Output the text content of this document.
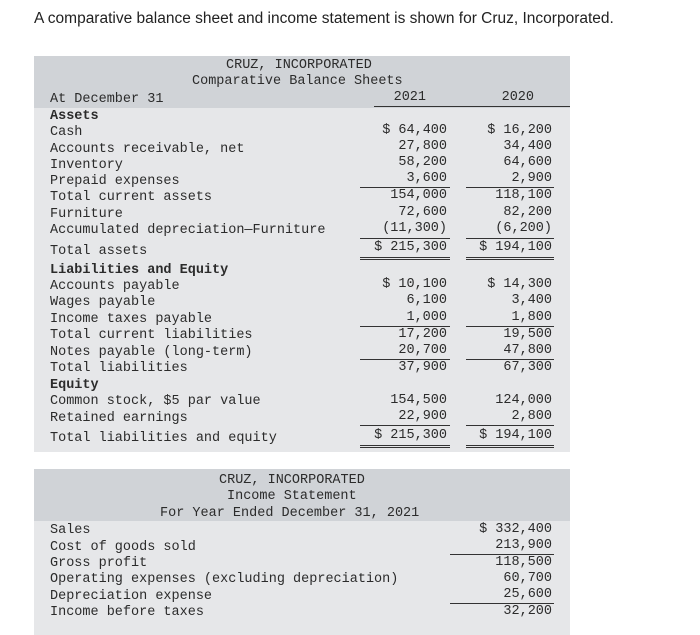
A comparative balance sheet and income statement is shown for Cruz, Incorporated.
CRUZ, INCORPORATED
Comparative Balance Sheets
At December 31	2021	2020
Assets
Cash	$ 64,400	$ 16,200
Accounts receivable, net	27,800	34,400
Inventory	58,200	64,600
Prepaid expenses	3,600	2,900
Total current assets	154,000	118,100
Furniture	72,600	82,200
Accumulated depreciation—Furniture	(11,300)	(6,200)
Total assets	$ 215,300 $ 194,100
Liabilities and Equity
Accounts payable	$ 10,100	$ 14,300
Wages payable	6,100	3,400
Income taxes payable	1,000	1,800
Total current liabilities	17,200	19,500
Notes payable (long-term)	20,700	47,800
Total liabilities	37,900	67,300
Equity
Common stock, $5 par value	154,500	124,000
Retained earnings	22,900	2,800
Total liabilities and equity	$ 215,300 $ 194,100
CRUZ, INCORPORATED
Income Statement
For Year Ended December 31, 2021
Sales	$ 332,400
Cost of goods sold	213,900
Gross profit	118,500
Operating expenses (excluding depreciation)	60,700
Depreciation expense	25,600
Income before taxes	32,200
